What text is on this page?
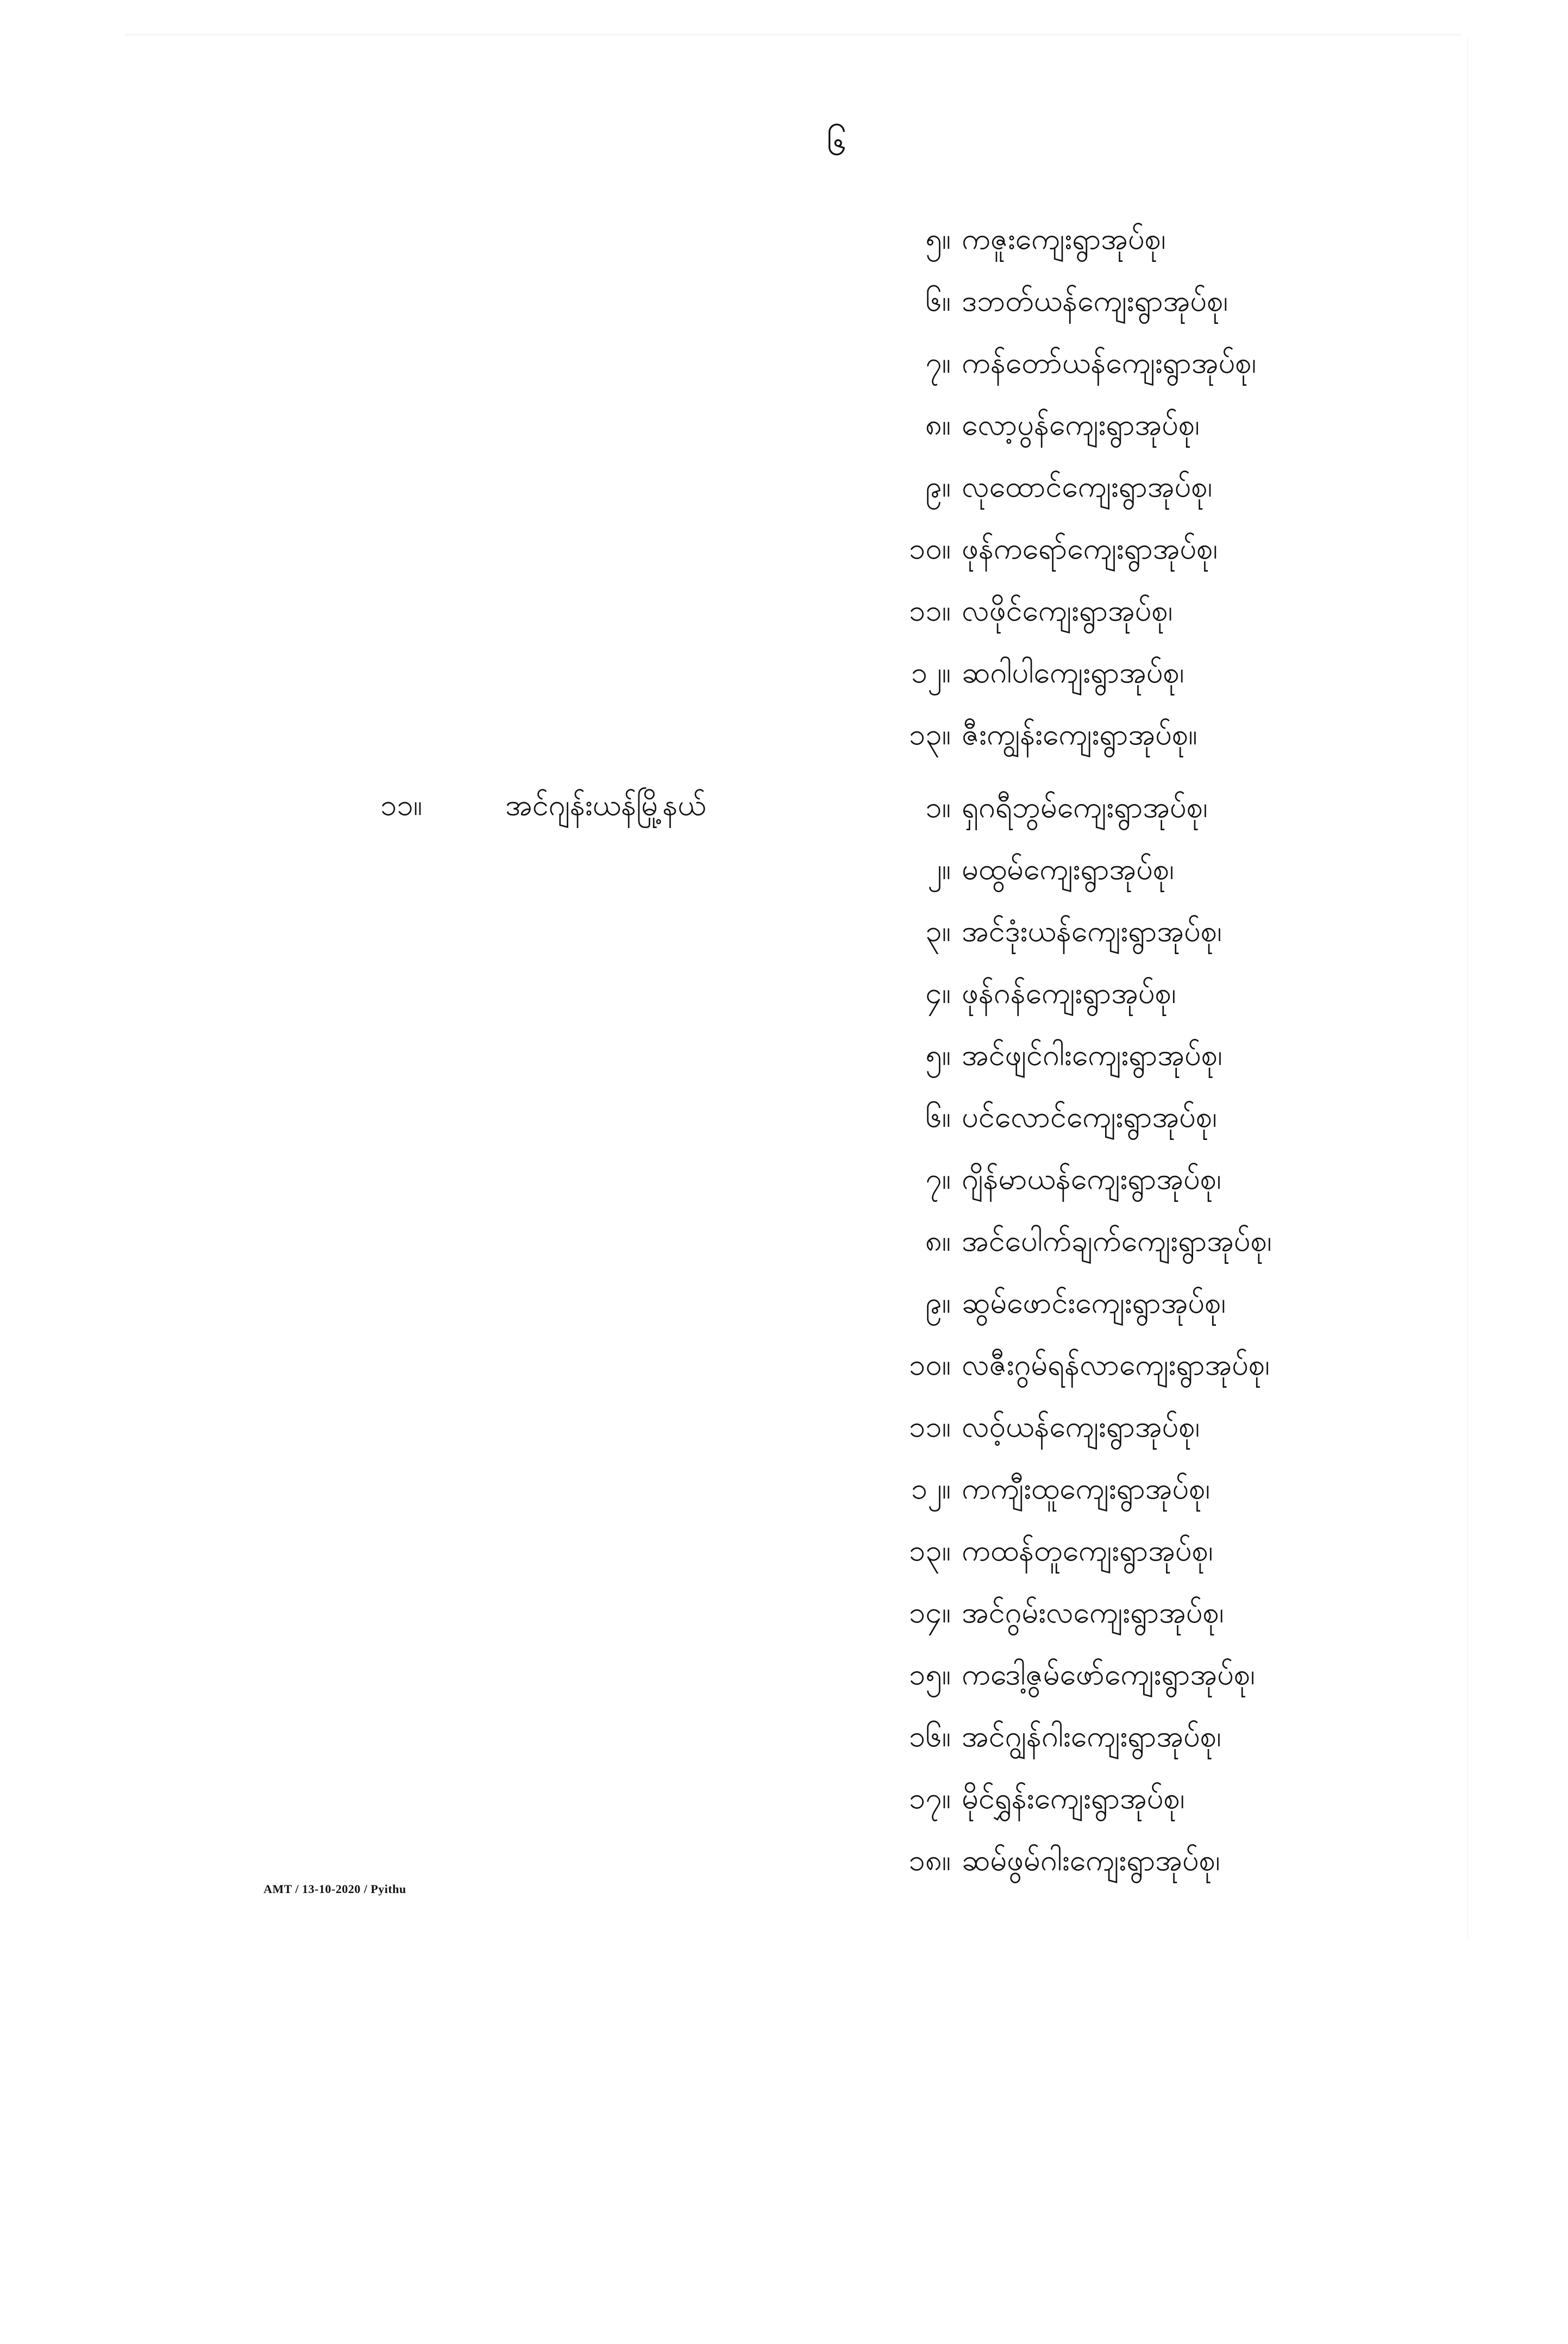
၆
၁၁။	အင်ဂျန်းယန်မြို့နယ်
၅။ ကဇူးကျေးရွာအုပ်စု၊
၆။ ဒဘတ်ယန်ကျေးရွာအုပ်စု၊
၇။ ကန်တော်ယန်ကျေးရွာအုပ်စု၊
၈။ လော့ပွန်ကျေးရွာအုပ်စု၊
၉။ လုထောင်ကျေးရွာအုပ်စု၊
၁၀။ ဖုန်ကရော်ကျေးရွာအုပ်စု၊
၁၁။ လဖိုင်ကျေးရွာအုပ်စု၊
၁၂။ ဆဂါပါကျေးရွာအုပ်စု၊
၁၃။ ဇီးကျွန်းကျေးရွာအုပ်စု။
၁။ ရှဂရီဘွမ်ကျေးရွာအုပ်စု၊
၂။ မထွမ်ကျေးရွာအုပ်စု၊
၃။ အင်ဒုံးယန်ကျေးရွာအုပ်စု၊
၄။ ဖုန်ဂန်ကျေးရွာအုပ်စု၊
၅။ အင်ဖျင်ဂါးကျေးရွာအုပ်စု၊
၆။ ပင်လောင်ကျေးရွာအုပ်စု၊
၇။ ဂျိန်မာယန်ကျေးရွာအုပ်စု၊
၈။ အင်ပေါက်ချက်ကျေးရွာအုပ်စု၊
၉။ ဆွမ်ဖောင်းကျေးရွာအုပ်စု၊
၁၀။ လဇီးဂွမ်ရန်လာကျေးရွာအုပ်စု၊
၁၁။ လဝ့်ယန်ကျေးရွာအုပ်စု၊
၁၂။ ကကျီးထူကျေးရွာအုပ်စု၊
၁၃။ ကထန်တူကျေးရွာအုပ်စု၊
၁၄။ အင်ဂွမ်းလကျေးရွာအုပ်စု၊
၁၅။ ကဒေါ့ဇွမ်ဖော်ကျေးရွာအုပ်စု၊
၁၆။ အင်ဂျွန်ဂါးကျေးရွာအုပ်စု၊
၁၇။ မိုင်ရွှန်းကျေးရွာအုပ်စု၊
၁၈။ ဆမ်ဖွမ်ဂါးကျေးရွာအုပ်စု၊
AMT / 13-10-2020 / Pyithu
